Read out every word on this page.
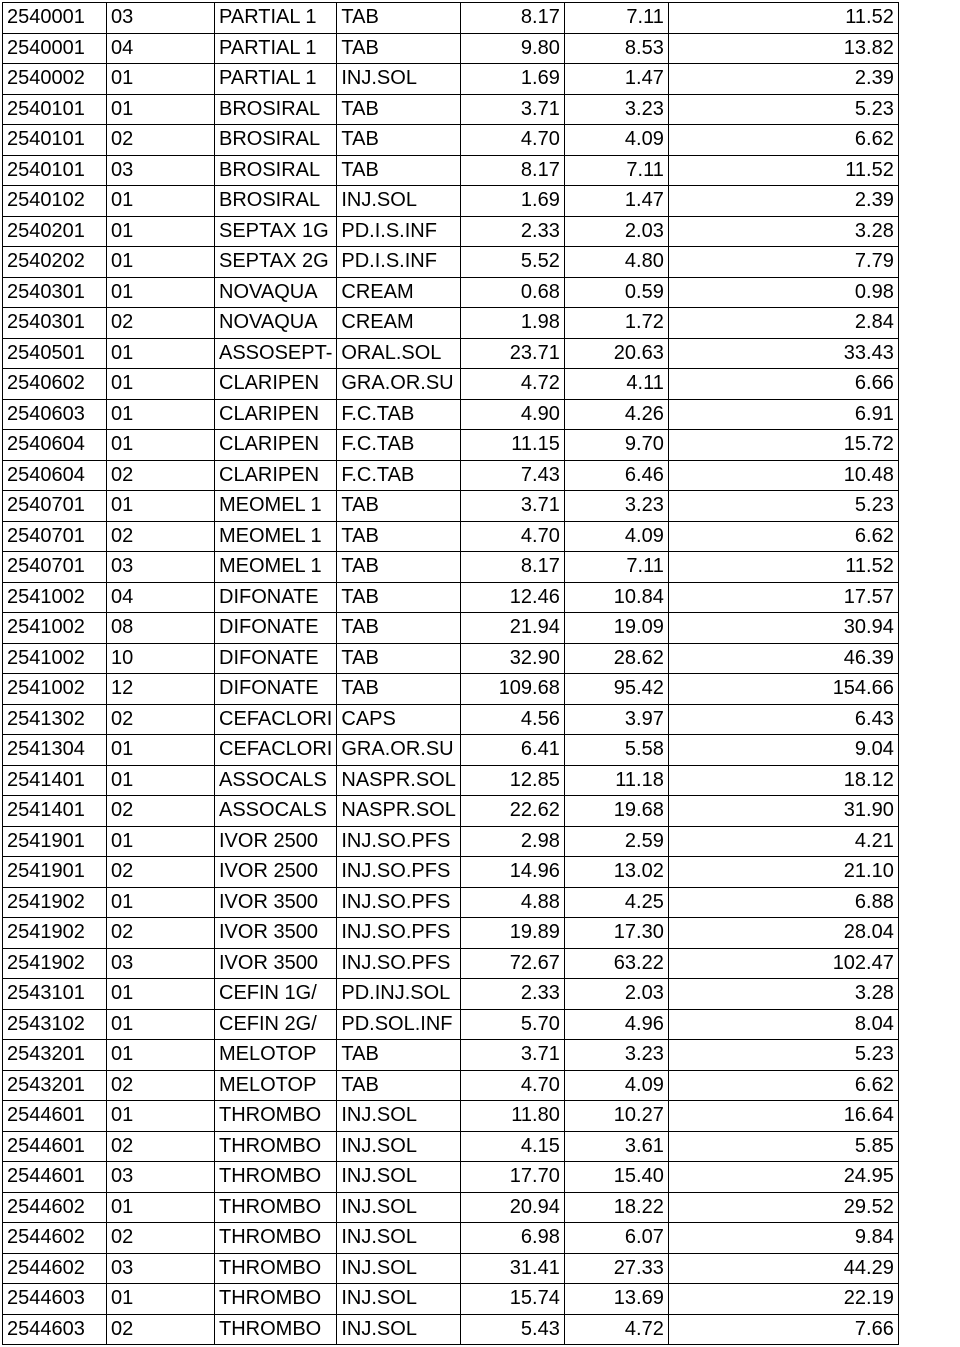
2540001	03	PARTIAL 1	TAB	8.17	7.11	11.52
2540001	04	PARTIAL 1	TAB	9.80	8.53	13.82
2540002	01	PARTIAL 1	INJ.SOL	1.69	1.47	2.39
2540101	01	BROSIRAL	TAB	3.71	3.23	5.23
2540101	02	BROSIRAL	TAB	4.70	4.09	6.62
2540101	03	BROSIRAL	TAB	8.17	7.11	11.52
2540102	01	BROSIRAL	INJ.SOL	1.69	1.47	2.39
2540201	01	SEPTAX 1G	PD.I.S.INF	2.33	2.03	3.28
2540202	01	SEPTAX 2G	PD.I.S.INF	5.52	4.80	7.79
2540301	01	NOVAQUA	CREAM	0.68	0.59	0.98
2540301	02	NOVAQUA	CREAM	1.98	1.72	2.84
2540501	01	ASSOSEPT-	ORAL.SOL	23.71	20.63	33.43
2540602	01	CLARIPEN	GRA.OR.SU	4.72	4.11	6.66
2540603	01	CLARIPEN	F.C.TAB	4.90	4.26	6.91
2540604	01	CLARIPEN	F.C.TAB	11.15	9.70	15.72
2540604	02	CLARIPEN	F.C.TAB	7.43	6.46	10.48
2540701	01	MEOMEL 1	TAB	3.71	3.23	5.23
2540701	02	MEOMEL 1	TAB	4.70	4.09	6.62
2540701	03	MEOMEL 1	TAB	8.17	7.11	11.52
2541002	04	DIFONATE	TAB	12.46	10.84	17.57
2541002	08	DIFONATE	TAB	21.94	19.09	30.94
2541002	10	DIFONATE	TAB	32.90	28.62	46.39
2541002	12	DIFONATE	TAB	109.68	95.42	154.66
2541302	02	CEFACLORI	CAPS	4.56	3.97	6.43
2541304	01	CEFACLORI	GRA.OR.SU	6.41	5.58	9.04
2541401	01	ASSOCALS	NASPR.SOL	12.85	11.18	18.12
2541401	02	ASSOCALS	NASPR.SOL	22.62	19.68	31.90
2541901	01	IVOR 2500	INJ.SO.PFS	2.98	2.59	4.21
2541901	02	IVOR 2500	INJ.SO.PFS	14.96	13.02	21.10
2541902	01	IVOR 3500	INJ.SO.PFS	4.88	4.25	6.88
2541902	02	IVOR 3500	INJ.SO.PFS	19.89	17.30	28.04
2541902	03	IVOR 3500	INJ.SO.PFS	72.67	63.22	102.47
2543101	01	CEFIN 1G/	PD.INJ.SOL	2.33	2.03	3.28
2543102	01	CEFIN 2G/	PD.SOL.INF	5.70	4.96	8.04
2543201	01	MELOTOP	TAB	3.71	3.23	5.23
2543201	02	MELOTOP	TAB	4.70	4.09	6.62
2544601	01	THROMBO	INJ.SOL	11.80	10.27	16.64
2544601	02	THROMBO	INJ.SOL	4.15	3.61	5.85
2544601	03	THROMBO	INJ.SOL	17.70	15.40	24.95
2544602	01	THROMBO	INJ.SOL	20.94	18.22	29.52
2544602	02	THROMBO	INJ.SOL	6.98	6.07	9.84
2544602	03	THROMBO	INJ.SOL	31.41	27.33	44.29
2544603	01	THROMBO	INJ.SOL	15.74	13.69	22.19
2544603	02	THROMBO	INJ.SOL	5.43	4.72	7.66
